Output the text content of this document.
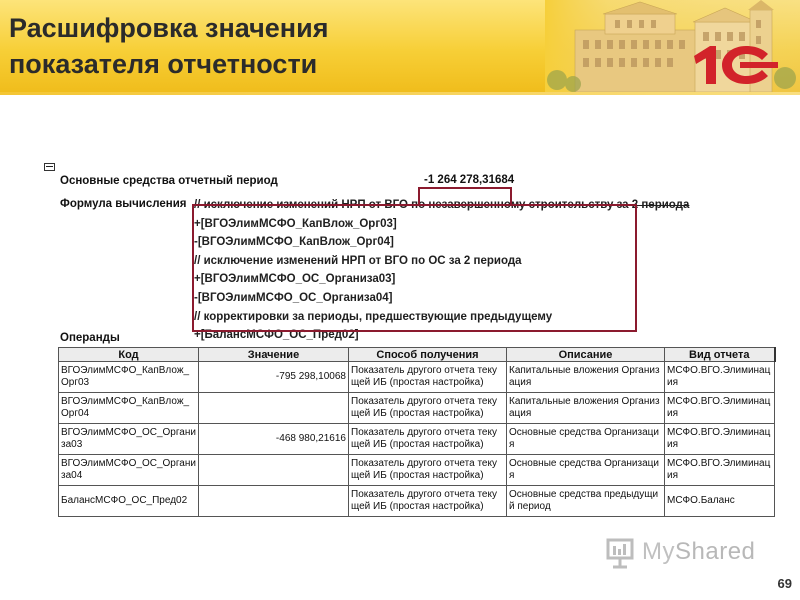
Расшифровка значения
показателя отчетности
Основные средства отчетный период	-1 264 278,31684
Формула вычисления // исключение изменений НРП от ВГО по незавершенному строительству за 2 периода
+[ВГОЭлимМСФО_КапВлож_Орг03]
-[ВГОЭлимМСФО_КапВлож_Орг04]
// исключение изменений НРП от ВГО по ОС за 2 периода
+[ВГОЭлимМСФО_ОС_Организа03]
-[ВГОЭлимМСФО_ОС_Организа04]
// корректировки за периоды, предшествующие предыдущему
+[БалансМСФО_ОС_Пред02]
Операнды
Код	Значение	Способ получения	Описание	Вид отчета
ВГОЭлимМСФО_КапВлож_Орг03	-795 298,10068	Показатель другого отчета текущей ИБ (простая настройка)	Капитальные вложения Организация	МСФО.ВГО.Элиминация
ВГОЭлимМСФО_КапВлож_Орг04		Показатель другого отчета текущей ИБ (простая настройка)	Капитальные вложения Организация	МСФО.ВГО.Элиминация
ВГОЭлимМСФО_ОС_Организа03	-468 980,21616	Показатель другого отчета текущей ИБ (простая настройка)	Основные средства Организация	МСФО.ВГО.Элиминация
ВГОЭлимМСФО_ОС_Организа04		Показатель другого отчета текущей ИБ (простая настройка)	Основные средства Организация	МСФО.ВГО.Элиминация
БалансМСФО_ОС_Пред02		Показатель другого отчета текущей ИБ (простая настройка)	Основные средства предыдущий период	МСФО.Баланс
MyShared
69
